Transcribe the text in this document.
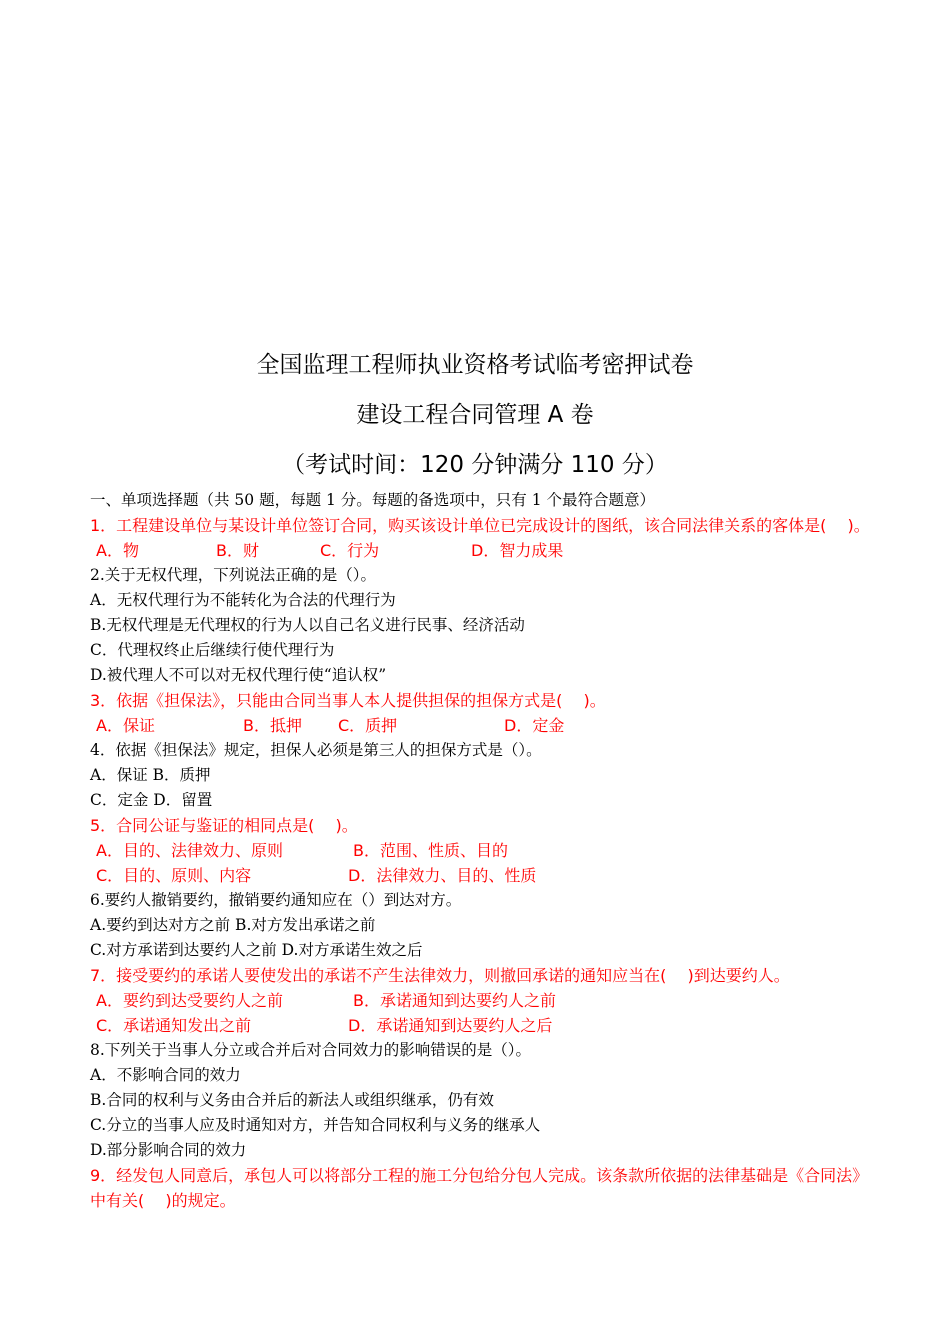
全国监理工程师执业资格考试临考密押试卷
建设工程合同管理 A 卷
（考试时间：120 分钟满分 110 分）
一、单项选择题（共 50 题，每题 1 分。每题的备选项中，只有 1 个最符合题意）
1．工程建设单位与某设计单位签订合同，购买该设计单位已完成设计的图纸，该合同法律关系的客体是(　 )。
A．物	B．财	C．行为	D．智力成果
2.关于无权代理，下列说法正确的是（）。
A．无权代理行为不能转化为合法的代理行为
B.无权代理是无代理权的行为人以自己名义进行民事、经济活动
C．代理权终止后继续行使代理行为
D.被代理人不可以对无权代理行使“追认权”
3．依据《担保法》，只能由合同当事人本人提供担保的担保方式是(　 )。
A．保证	B．抵押 C．质押	D．定金
4．依据《担保法》规定，担保人必须是第三人的担保方式是（）。
A．保证 B．质押
C．定金 D．留置
5．合同公证与鉴证的相同点是(　 )。
A．目的、法律效力、原则	B．范围、性质、目的
C．目的、原则、内容	D．法律效力、目的、性质
6.要约人撤销要约，撤销要约通知应在（）到达对方。
A.要约到达对方之前 B.对方发出承诺之前
C.对方承诺到达要约人之前 D.对方承诺生效之后
7．接受要约的承诺人要使发出的承诺不产生法律效力，则撤回承诺的通知应当在(　 )到达要约人。
A．要约到达受要约人之前	B．承诺通知到达要约人之前
C．承诺通知发出之前	D．承诺通知到达要约人之后
8.下列关于当事人分立或合并后对合同效力的影响错误的是（）。
A．不影响合同的效力
B.合同的权利与义务由合并后的新法人或组织继承，仍有效
C.分立的当事人应及时通知对方，并告知合同权利与义务的继承人
D.部分影响合同的效力
9．经发包人同意后，承包人可以将部分工程的施工分包给分包人完成。该条款所依据的法律基础是《合同法》中有关(　 )的规定。
